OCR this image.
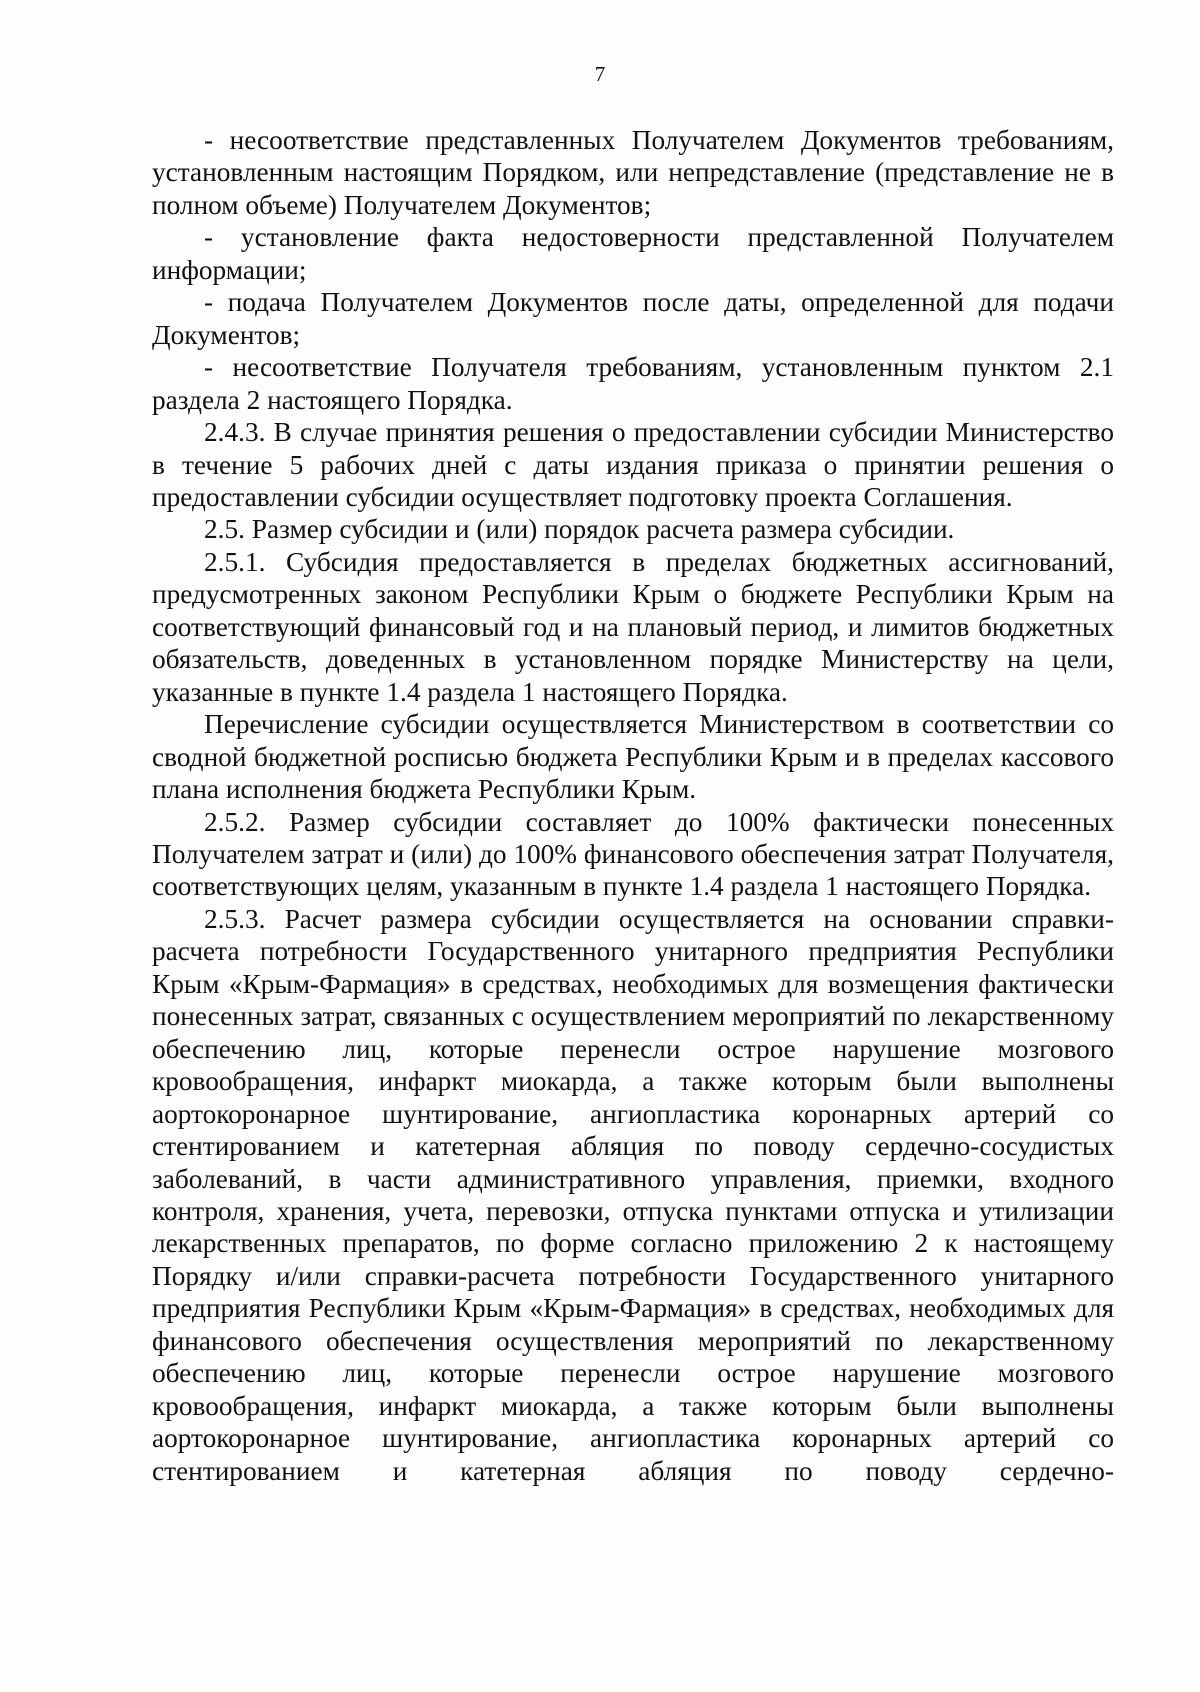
7

- несоответствие представленных Получателем Документов требованиям, установленным настоящим Порядком, или непредставление (представление не в полном объеме) Получателем Документов;

- установление факта недостоверности представленной Получателем информации;

- подача Получателем Документов после даты, определенной для подачи Документов;

- несоответствие Получателя требованиям, установленным пунктом 2.1 раздела 2 настоящего Порядка.

2.4.3. В случае принятия решения о предоставлении субсидии Министерство в течение 5 рабочих дней с даты издания приказа о принятии решения о предоставлении субсидии осуществляет подготовку проекта Соглашения.

2.5. Размер субсидии и (или) порядок расчета размера субсидии.

2.5.1. Субсидия предоставляется в пределах бюджетных ассигнований, предусмотренных законом Республики Крым о бюджете Республики Крым на соответствующий финансовый год и на плановый период, и лимитов бюджетных обязательств, доведенных в установленном порядке Министерству на цели, указанные в пункте 1.4 раздела 1 настоящего Порядка.

Перечисление субсидии осуществляется Министерством в соответствии со сводной бюджетной росписью бюджета Республики Крым и в пределах кассового плана исполнения бюджета Республики Крым.

2.5.2. Размер субсидии составляет до 100% фактически понесенных Получателем затрат и (или) до 100% финансового обеспечения затрат Получателя, соответствующих целям, указанным в пункте 1.4 раздела 1 настоящего Порядка.

2.5.3. Расчет размера субсидии осуществляется на основании справки-расчета потребности Государственного унитарного предприятия Республики Крым «Крым-Фармация» в средствах, необходимых для возмещения фактически понесенных затрат, связанных с осуществлением мероприятий по лекарственному обеспечению лиц, которые перенесли острое нарушение мозгового кровообращения, инфаркт миокарда, а также которым были выполнены аортокоронарное шунтирование, ангиопластика коронарных артерий со стентированием и катетерная абляция по поводу сердечно-сосудистых заболеваний, в части административного управления, приемки, входного контроля, хранения, учета, перевозки, отпуска пунктами отпуска и утилизации лекарственных препаратов, по форме согласно приложению 2 к настоящему Порядку и/или справки-расчета потребности Государственного унитарного предприятия Республики Крым «Крым-Фармация» в средствах, необходимых для финансового обеспечения осуществления мероприятий по лекарственному обеспечению лиц, которые перенесли острое нарушение мозгового кровообращения, инфаркт миокарда, а также которым были выполнены аортокоронарное шунтирование, ангиопластика коронарных артерий со стентированием и катетерная абляция по поводу сердечно-
